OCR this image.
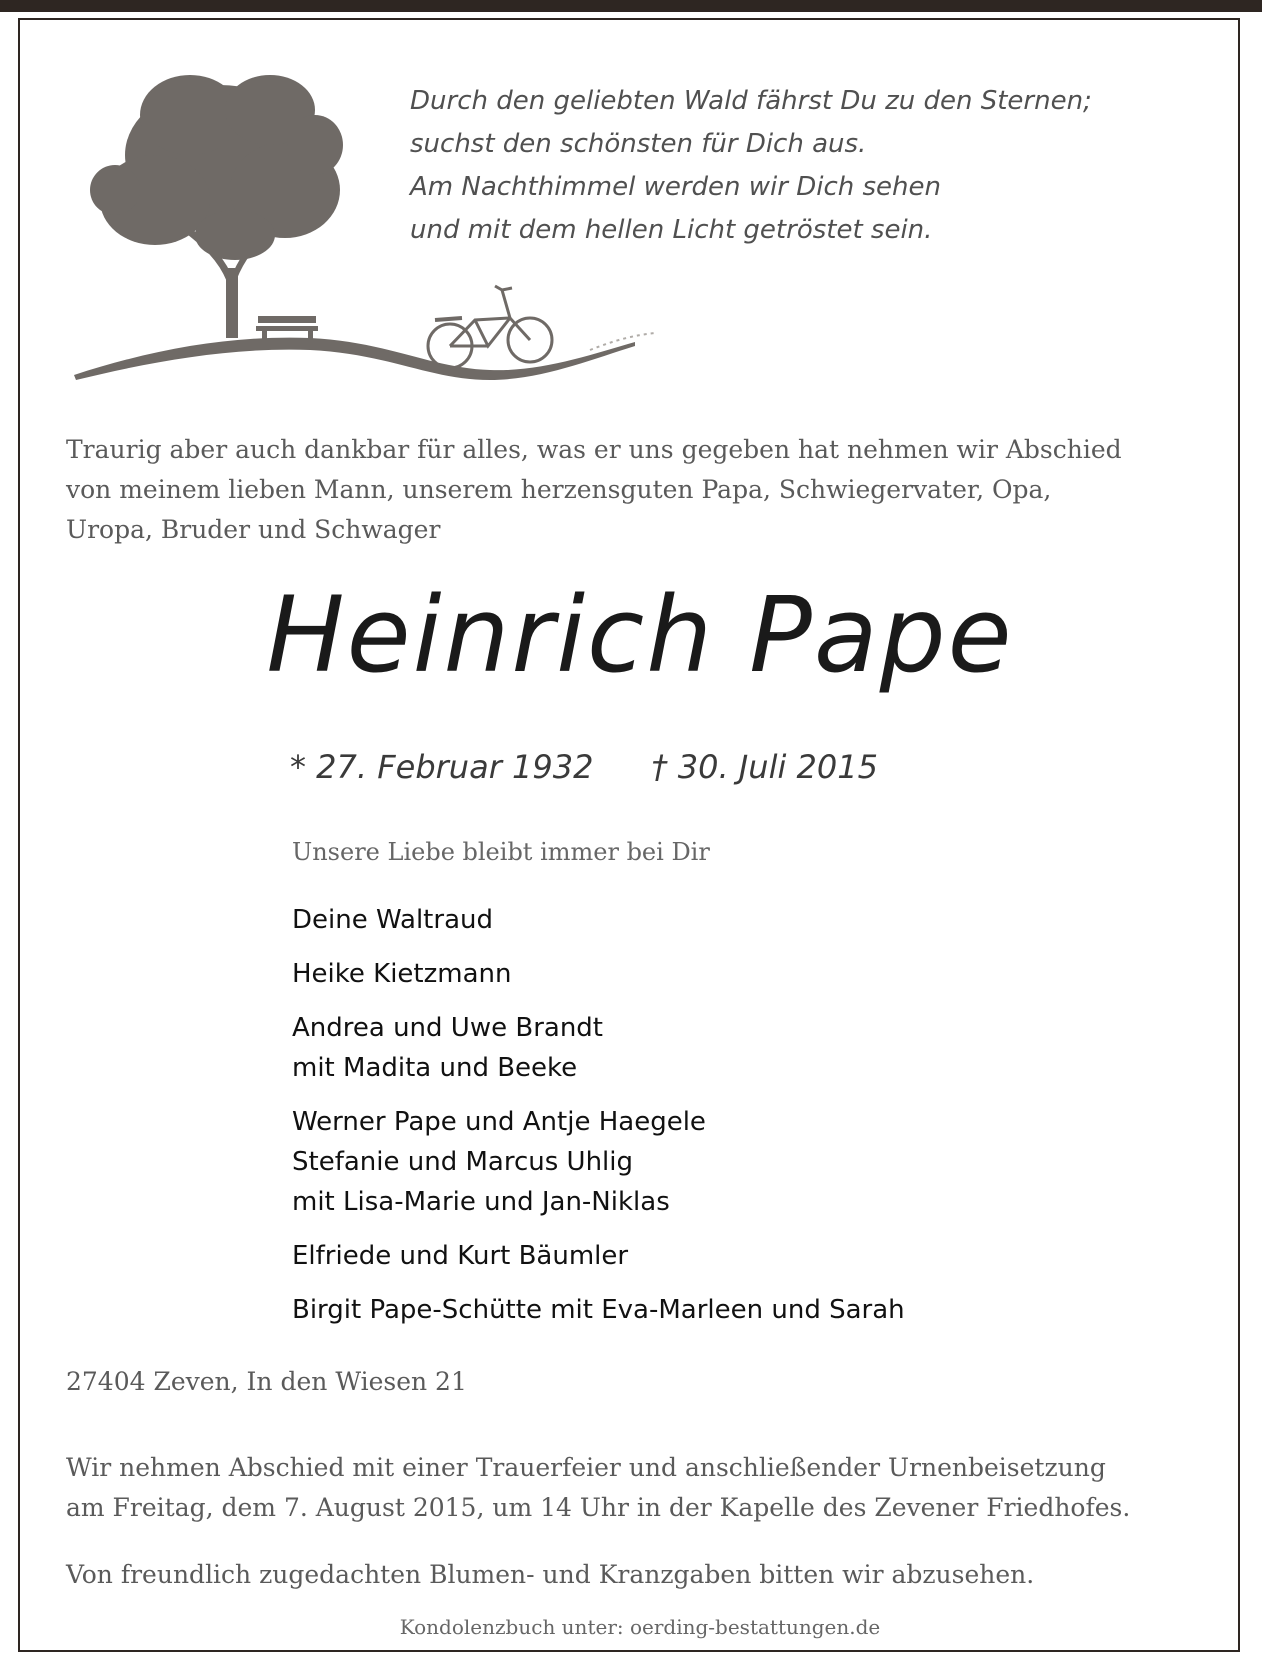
Durch den geliebten Wald fährst Du zu den Sternen;
suchst den schönsten für Dich aus.
Am Nachthimmel werden wir Dich sehen
und mit dem hellen Licht getröstet sein.
Traurig aber auch dankbar für alles, was er uns gegeben hat nehmen wir Abschied
von meinem lieben Mann, unserem herzensguten Papa, Schwiegervater, Opa,
Uropa, Bruder und Schwager
Heinrich Pape
* 27. Februar 1932 † 30. Juli 2015
Unsere Liebe bleibt immer bei Dir
Deine Waltraud
Heike Kietzmann
Andrea und Uwe Brandt
mit Madita und Beeke
Werner Pape und Antje Haegele
Stefanie und Marcus Uhlig
mit Lisa-Marie und Jan-Niklas
Elfriede und Kurt Bäumler
Birgit Pape-Schütte mit Eva-Marleen und Sarah
27404 Zeven, In den Wiesen 21
Wir nehmen Abschied mit einer Trauerfeier und anschließender Urnenbeisetzung
am Freitag, dem 7. August 2015, um 14 Uhr in der Kapelle des Zevener Friedhofes.
Von freundlich zugedachten Blumen- und Kranzgaben bitten wir abzusehen.
Kondolenzbuch unter: oerding-bestattungen.de
